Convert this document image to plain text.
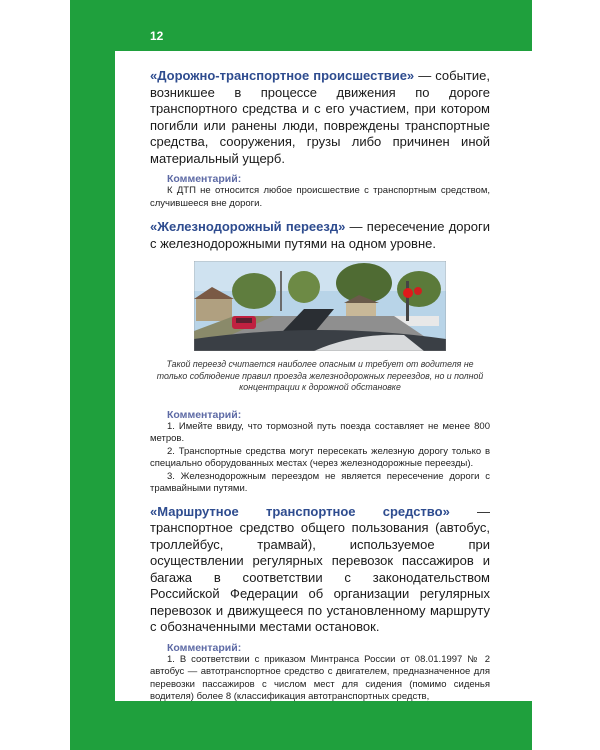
12

«Дорожно-транспортное происшествие» — событие, возникшее в процессе движения по дороге транспортного средства и с его участием, при котором погибли или ранены люди, повреждены транспортные средства, сооружения, грузы либо причинен иной материальный ущерб.

Комментарий:

К ДТП не относится любое происшествие с транспортным средством, случившееся вне дороги.

«Железнодорожный переезд» — пересечение дороги с железнодорожными путями на одном уровне.

Такой переезд считается наиболее опасным и требует от водителя не только соблюдение правил проезда железнодорожных переездов, но и полной концентрации к дорожной обстановке

Комментарий:

1. Имейте ввиду, что тормозной путь поезда составляет не менее 800 метров.

2. Транспортные средства могут пересекать железную дорогу только в специально оборудованных местах (через железнодорожные переезды).

3. Железнодорожным переездом не является пересечение дороги с трамвайными путями.

«Маршрутное транспортное средство» — транспортное средство общего пользования (автобус, троллейбус, трамвай), используемое при осуществлении регулярных перевозок пассажиров и багажа в соответствии с законодательством Российской Федерации об организации регулярных перевозок и движущееся по установленному маршруту с обозначенными местами остановок.

Комментарий:

1. В соответствии с приказом Минтранса России от 08.01.1997 № 2 автобус — автотранспортное средство с двигателем, предназначенное для перевозки пассажиров с числом мест для сидения (помимо сиденья водителя) более 8 (классификация автотранспортных средств,
